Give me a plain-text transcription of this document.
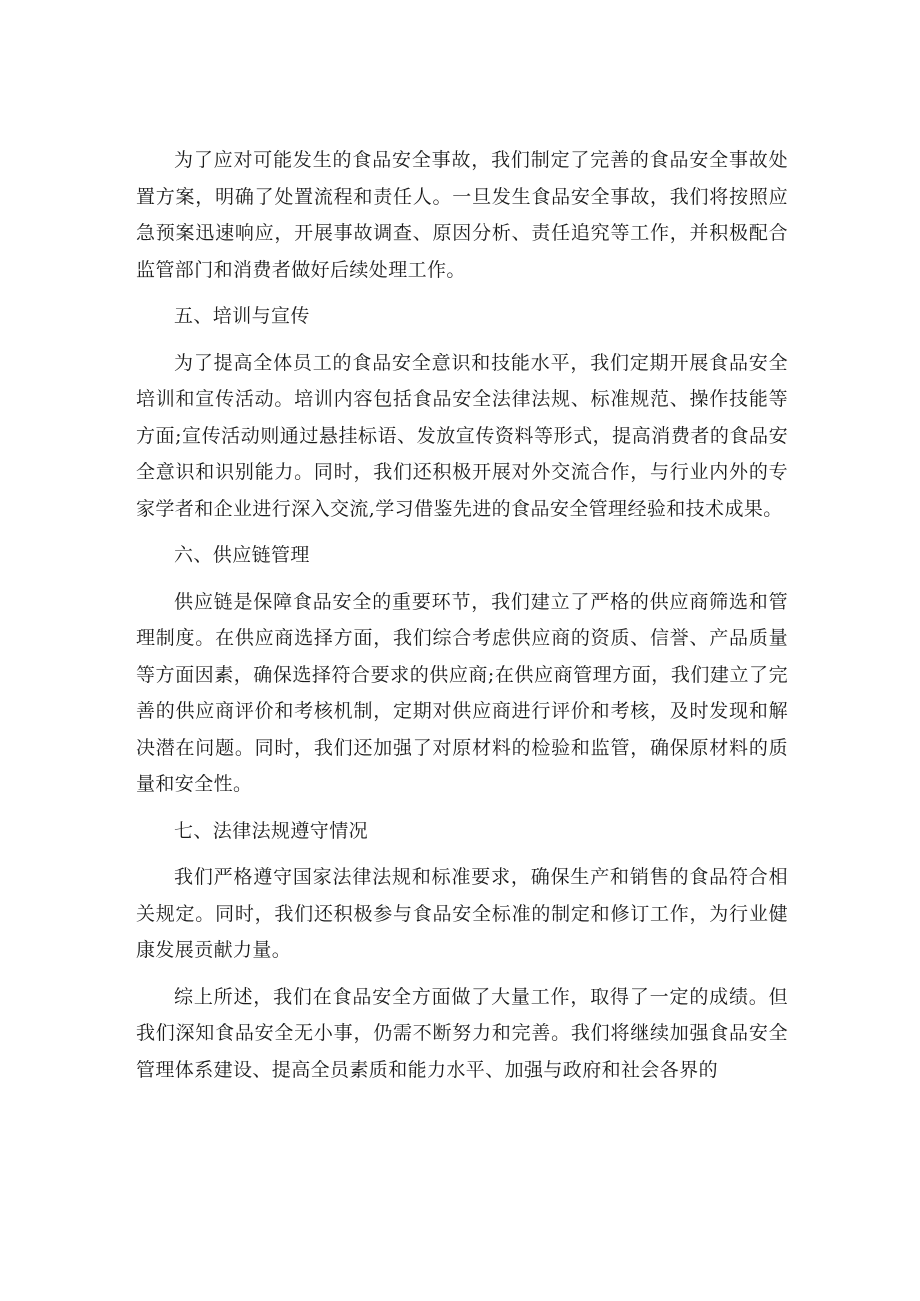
为了应对可能发生的食品安全事故，我们制定了完善的食品安全事故处置方案，明确了处置流程和责任人。一旦发生食品安全事故，我们将按照应急预案迅速响应，开展事故调查、原因分析、责任追究等工作，并积极配合监管部门和消费者做好后续处理工作。

五、培训与宣传

为了提高全体员工的食品安全意识和技能水平，我们定期开展食品安全培训和宣传活动。培训内容包括食品安全法律法规、标准规范、操作技能等方面;宣传活动则通过悬挂标语、发放宣传资料等形式，提高消费者的食品安全意识和识别能力。同时，我们还积极开展对外交流合作，与行业内外的专家学者和企业进行深入交流,学习借鉴先进的食品安全管理经验和技术成果。

六、供应链管理

供应链是保障食品安全的重要环节，我们建立了严格的供应商筛选和管理制度。在供应商选择方面，我们综合考虑供应商的资质、信誉、产品质量等方面因素，确保选择符合要求的供应商;在供应商管理方面，我们建立了完善的供应商评价和考核机制，定期对供应商进行评价和考核，及时发现和解决潜在问题。同时，我们还加强了对原材料的检验和监管，确保原材料的质量和安全性。

七、法律法规遵守情况

我们严格遵守国家法律法规和标准要求，确保生产和销售的食品符合相关规定。同时，我们还积极参与食品安全标准的制定和修订工作，为行业健康发展贡献力量。

综上所述，我们在食品安全方面做了大量工作，取得了一定的成绩。但我们深知食品安全无小事，仍需不断努力和完善。我们将继续加强食品安全管理体系建设、提高全员素质和能力水平、加强与政府和社会各界的
